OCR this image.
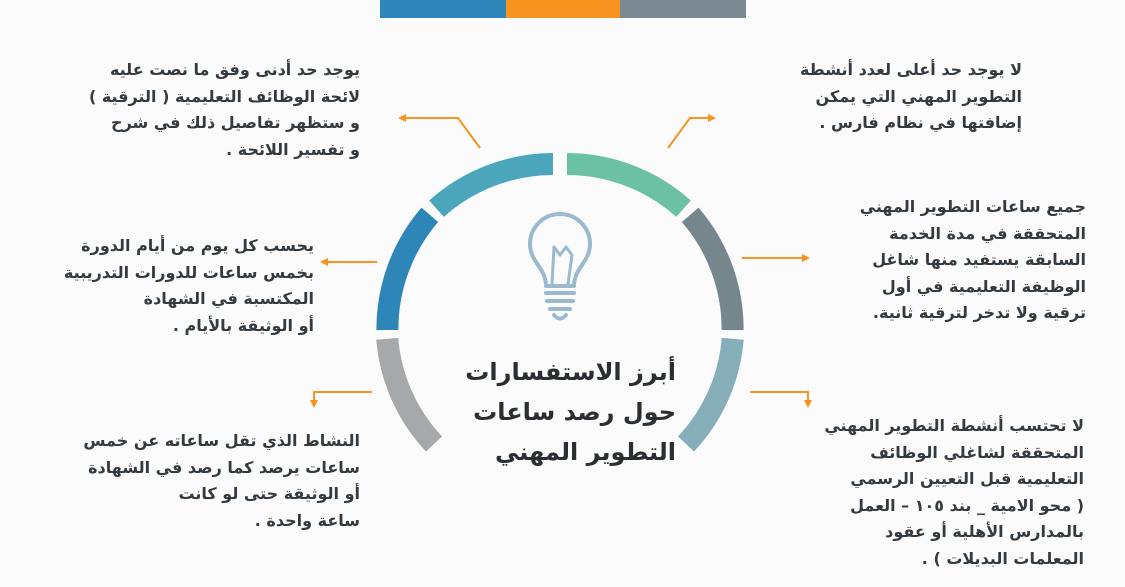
أبرز الاستفسارات
حول رصد ساعات
التطوير المهني
لا يوجد حد أعلى لعدد أنشطة
التطوير المهني التي يمكن
إضافتها في نظام فارس .
يوجد حد أدنى وفق ما نصت عليه
لائحة الوظائف التعليمية ( الترقية )
و ستظهر تفاصيل ذلك في شرح
و تفسير اللائحة .
جميع ساعات التطوير المهني
المتحققة في مدة الخدمة
السابقة يستفيد منها شاغل
الوظيفة التعليمية في أول
ترقية ولا تدخر لترقية ثانية.
يحسب كل يوم من أيام الدورة
بخمس ساعات للدورات التدريبية
المكتسبة في الشهادة
أو الوثيقة بالأيام .
النشاط الذي تقل ساعاته عن خمس
ساعات يرصد كما رصد في الشهادة
أو الوثيقة حتى لو كانت
ساعة واحدة .
لا تحتسب أنشطة التطوير المهني
المتحققة لشاغلي الوظائف
التعليمية قبل التعيين الرسمي
( محو الامية _ بند ١٠٥ – العمل
بالمدارس الأهلية أو عقود
المعلمات البديلات ) .
